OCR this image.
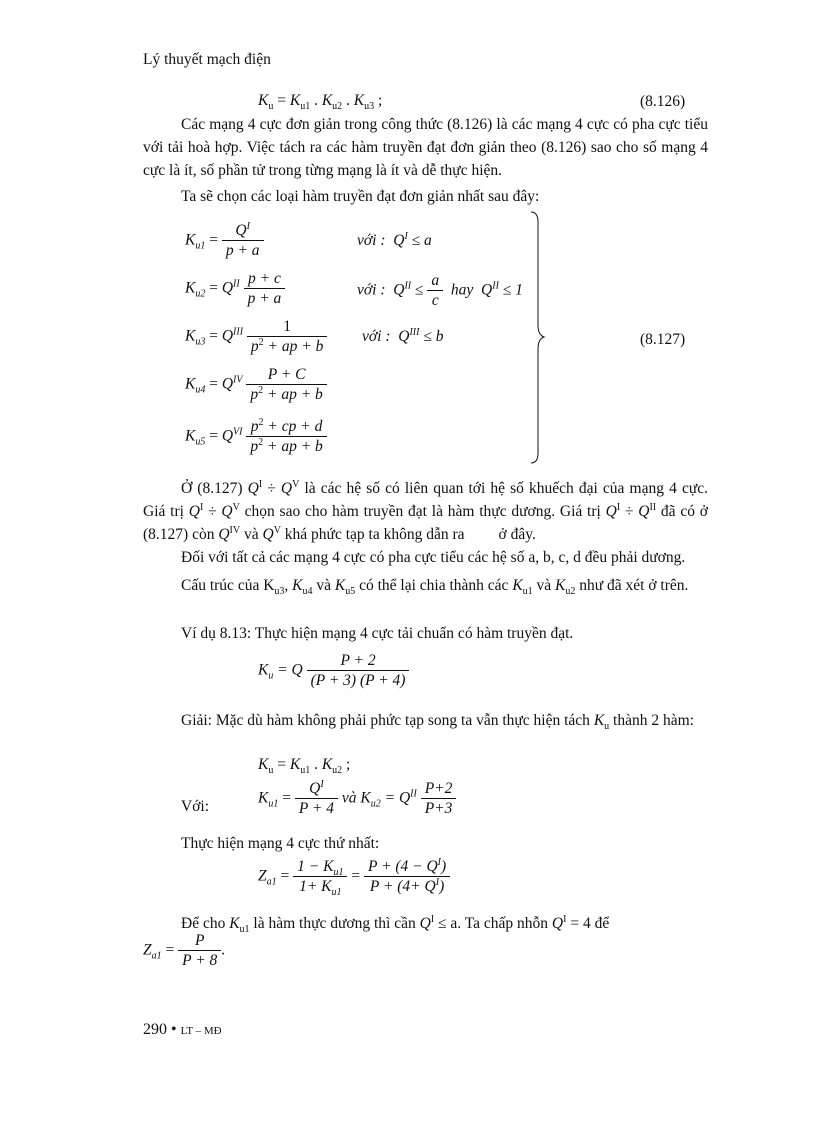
Lý thuyết mạch điện
$K_u = K_{u1}$ . $K_{u2}$ . $K_{u3}$ ;	(8.126)
Các mạng 4 cực đơn giản trong công thức (8.126) là các mạng 4 cực có pha cực tiểu với tải hoà hợp. Việc tách ra các hàm truyền đạt đơn giản theo (8.126) sao cho số mạng 4 cực là ít, số phần tử trong từng mạng là ít và dễ thực hiện.
Ta sẽ chọn các loại hàm truyền đạt đơn giản nhất sau đây:
$K_{u1} = \frac{Q^I}{p + a}$	với : $Q^I \le a$
$K_{u2} = Q^{II} \frac{p + c}{p + a}$	với : $Q^{II} \le \frac{a}{c}$ hay $Q^{II} \le 1$
$K_{u3} = Q^{III} \frac{1}{p^2 + ap + b}$ với : $Q^{III} \le b$
$K_{u4} = Q^{IV} \frac{P + C}{p^2 + ap + b}$
$K_{u5} = Q^{VI} \frac{p^2 + cp + d}{p^2 + ap + b}$
(8.127)
Ở (8.127) $Q^I \div Q^V$ là các hệ số có liên quan tới hệ số khuếch đại của mạng 4 cực. Giá trị $Q^I \div Q^V$ chọn sao cho hàm truyền đạt là hàm thực dương. Giá trị $Q^I \div Q^{II}$ đã có ở (8.127) còn $Q^{IV}$ và $Q^V$ khá phức tạp ta không dẫn ra ở đây.
Đối với tất cả các mạng 4 cực có pha cực tiểu các hệ số a, b, c, d đều phải dương.
Cấu trúc của $K_{u3}$, $K_{u4}$ và $K_{u5}$ có thể lại chia thành các $K_{u1}$ và $K_{u2}$ như đã xét ở trên.
Ví dụ 8.13: Thực hiện mạng 4 cực tải chuẩn có hàm truyền đạt.
$K_u = Q \frac{P + 2}{(P + 3) (P + 4)}$
Giải: Mặc dù hàm không phải phức tạp song ta vẫn thực hiện tách $K_u$ thành 2 hàm:
$K_u = K_{u1}$ . $K_{u2}$ ;
Với:	$K_{u1} = \frac{Q^I}{P + 4}$ và $K_{u2} = Q^{II} \frac{P+2}{P+3}$
Thực hiện mạng 4 cực thứ nhất:
$Z_{a1} = \frac{1 - K_{u1}}{1+ K_{u1}} = \frac{P + (4 - Q^I)}{P + (4+ Q^I)}$
Để cho $K_{u1}$ là hàm thực dương thì cần $Q^I \le a$. Ta chấp nhỗn $Q^I = 4$ để
$Z_{a1} = \frac{P}{P + 8}$ .
290 • LT – MĐ
